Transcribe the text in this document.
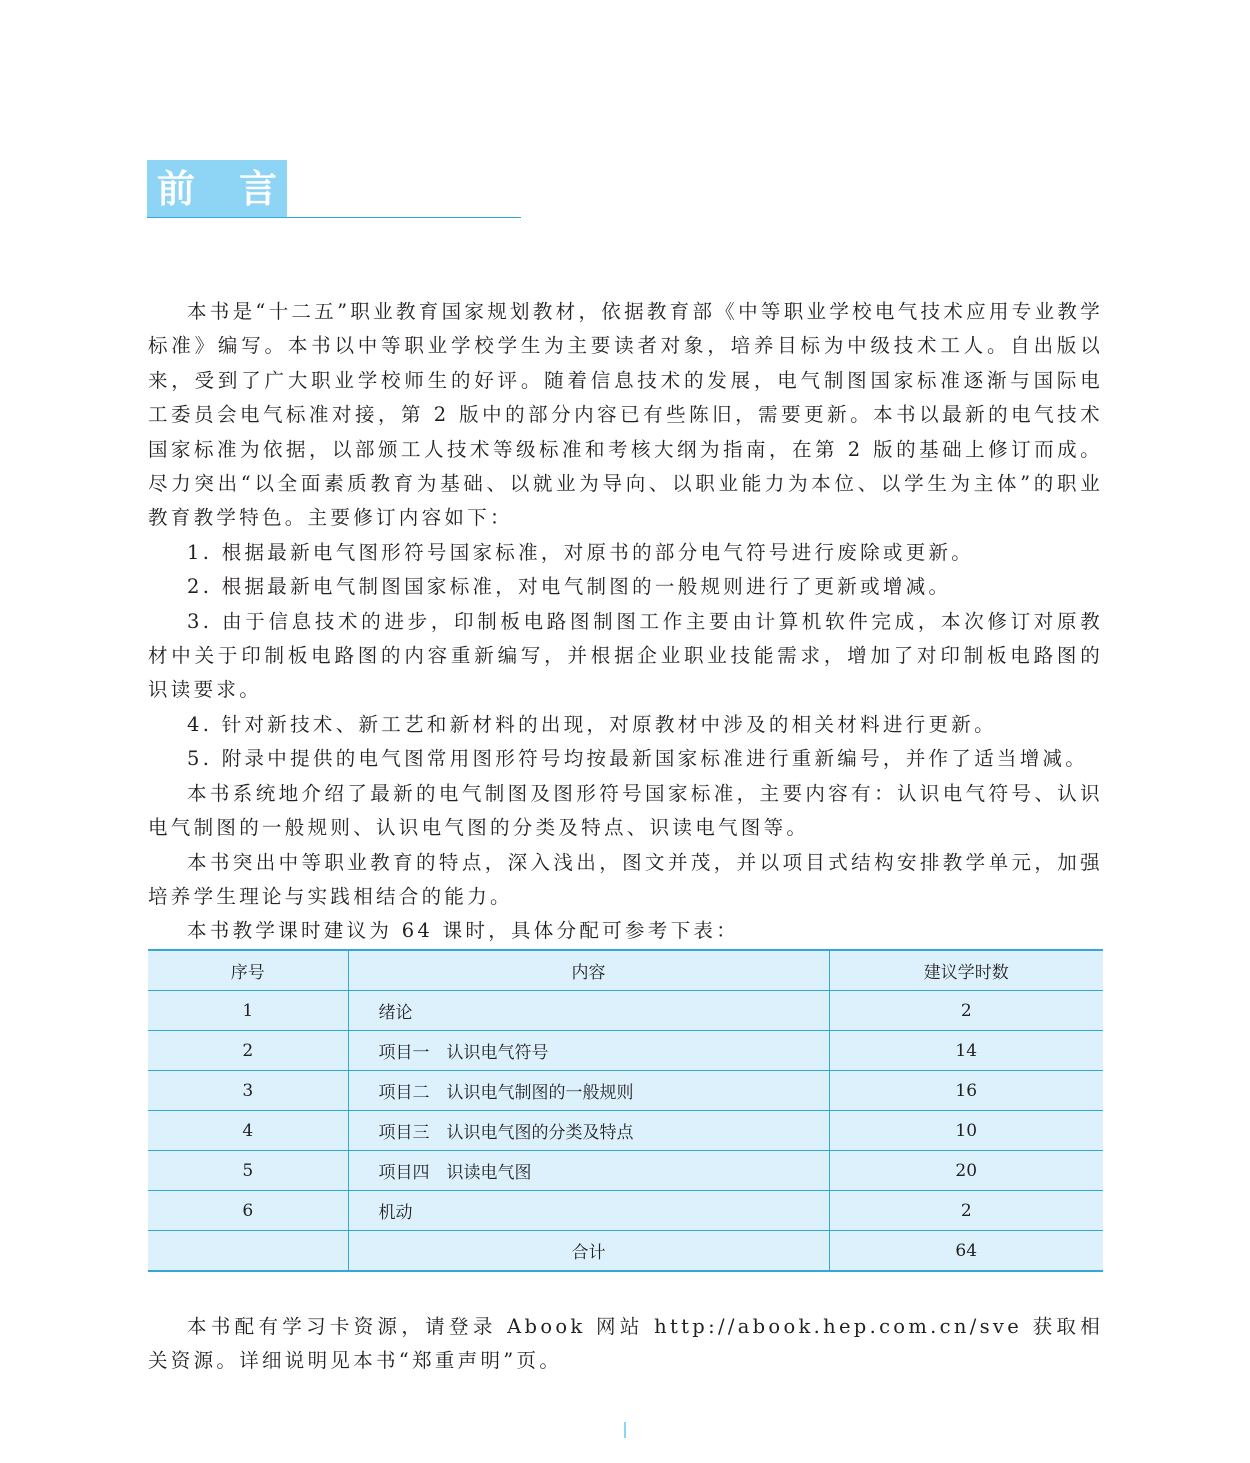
前言

本书是“十二五”职业教育国家规划教材，依据教育部《中等职业学校电气技术应用专业教学标准》编写。本书以中等职业学校学生为主要读者对象，培养目标为中级技术工人。自出版以来，受到了广大职业学校师生的好评。随着信息技术的发展，电气制图国家标准逐渐与国际电工委员会电气标准对接，第 2 版中的部分内容已有些陈旧，需要更新。本书以最新的电气技术国家标准为依据，以部颁工人技术等级标准和考核大纲为指南，在第 2 版的基础上修订而成。尽力突出“以全面素质教育为基础、以就业为导向、以职业能力为本位、以学生为主体”的职业教育教学特色。主要修订内容如下：

1. 根据最新电气图形符号国家标准，对原书的部分电气符号进行废除或更新。

2. 根据最新电气制图国家标准，对电气制图的一般规则进行了更新或增减。

3. 由于信息技术的进步，印制板电路图制图工作主要由计算机软件完成，本次修订对原教材中关于印制板电路图的内容重新编写，并根据企业职业技能需求，增加了对印制板电路图的识读要求。

4. 针对新技术、新工艺和新材料的出现，对原教材中涉及的相关材料进行更新。

5. 附录中提供的电气图常用图形符号均按最新国家标准进行重新编号，并作了适当增减。

本书系统地介绍了最新的电气制图及图形符号国家标准，主要内容有：认识电气符号、认识电气制图的一般规则、认识电气图的分类及特点、识读电气图等。

本书突出中等职业教育的特点，深入浅出，图文并茂，并以项目式结构安排教学单元，加强培养学生理论与实践相结合的能力。

本书教学课时建议为 64 课时，具体分配可参考下表：

序号	内容	建议学时数
1	绪论	2
2	项目一　认识电气符号	14
3	项目二　认识电气制图的一般规则	16
4	项目三　认识电气图的分类及特点	10
5	项目四　识读电气图	20
6	机动	2
	合计	64

本书配有学习卡资源，请登录 Abook 网站 http://abook.hep.com.cn/sve 获取相关资源。详细说明见本书“郑重声明”页。
